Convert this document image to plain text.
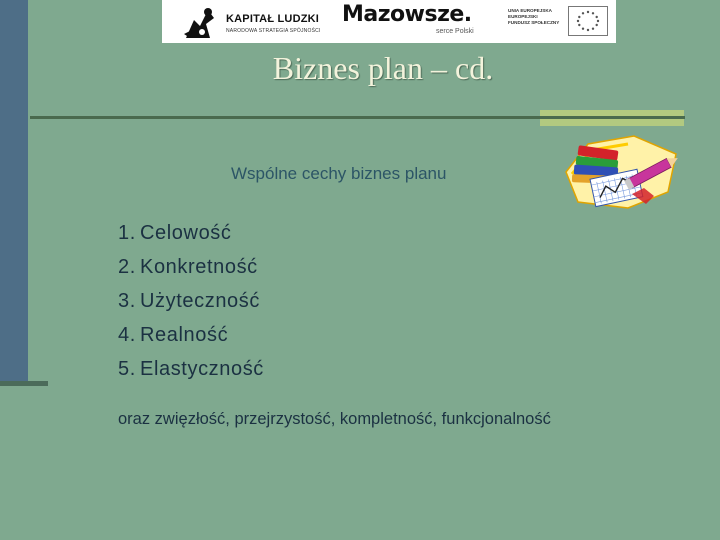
KAPITAŁ LUDZKI
NARODOWA STRATEGIA SPÓJNOŚCI
Mazowsze.
serce Polski
UNIA EUROPEJSKA
EUROPEJSKI
FUNDUSZ SPOŁECZNY
Biznes plan – cd.
Wspólne cechy biznes planu
1. Celowość
2. Konkretność
3. Użyteczność
4. Realność
5. Elastyczność
oraz zwięzłość, przejrzystość, kompletność, funkcjonalność
